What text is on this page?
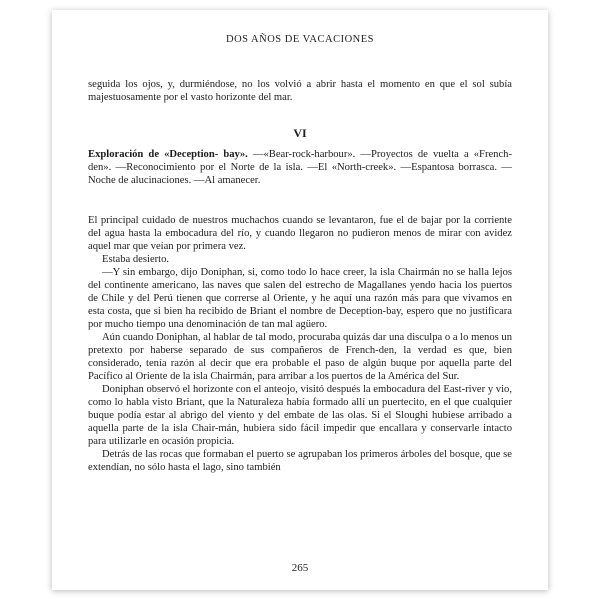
DOS AÑOS DE VACACIONES

seguida los ojos, y, durmiéndose, no los volvió a abrir hasta el momento en que el sol subía majestuosamente por el vasto horizonte del mar.

VI

Exploración de «Deception- bay». —«Bear-rock-harbour». —Proyectos de vuelta a «French-den». —Reconocimiento por el Norte de la isla. —El «North-creek». —Espantosa borrasca. —Noche de alucinaciones. —Al amanecer.

El principal cuidado de nuestros muchachos cuando se levantaron, fue el de bajar por la corriente del agua hasta la embocadura del río, y cuando llegaron no pudieron menos de mirar con avidez aquel mar que veían por primera vez.

Estaba desierto.

—Y sin embargo, dijo Doniphan, si, como todo lo hace creer, la isla Chairmán no se halla lejos del continente americano, las naves que salen del estrecho de Magallanes yendo hacia los puertos de Chile y del Perú tienen que correrse al Oriente, y he aquí una razón más para que vivamos en esta costa, que si bien ha recibido de Briant el nombre de Deception-bay, espero que no justificara por mucho tiempo una denominación de tan mal agüero.

Aún cuando Doniphan, al hablar de tal modo, procuraba quizás dar una disculpa o a lo menos un pretexto por haberse separado de sus compañeros de French-den, la verdad es que, bien considerado, tenía razón al decir que era probable el paso de algún buque por aquella parte del Pacífico al Oriente de la isla Chairmán, para arribar a los puertos de la América del Sur.

Doniphan observó el horizonte con el anteojo, visitó después la embocadura del East-river y vio, como lo habla visto Briant, que la Naturaleza había formado allí un puertecito, en el que cualquier buque podía estar al abrigo del viento y del embate de las olas. Si el Sloughi hubiese arribado a aquella parte de la isla Chair-mán, hubiera sido fácil impedir que encallara y conservarle intacto para utilizarle en ocasión propicia.

Detrás de las rocas que formaban el puerto se agrupaban los primeros árboles del bosque, que se extendían, no sólo hasta el lago, sino también

265
